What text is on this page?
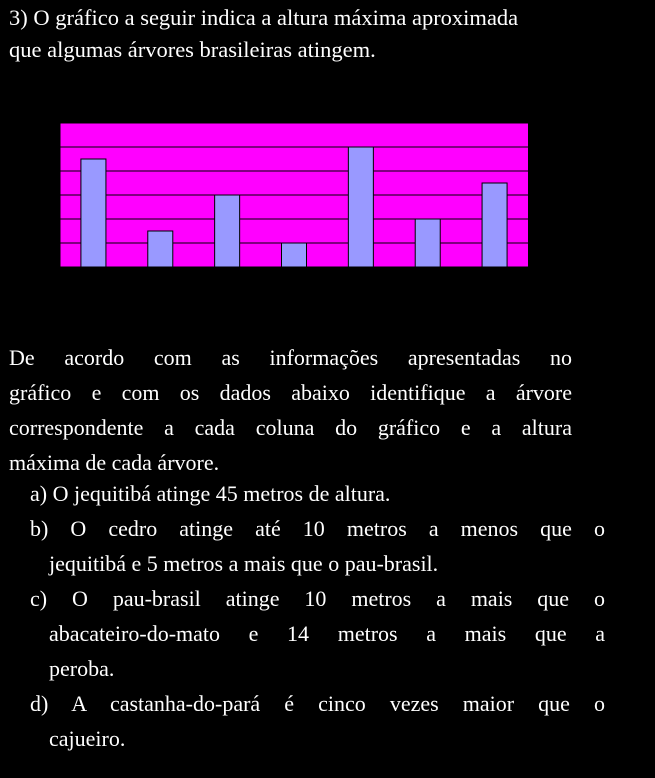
3) O gráfico a seguir indica a altura máxima aproximada
que algumas árvores brasileiras atingem.
Áltura de algumas árvores brasileiras
altura (m)
0
10
20
30
40
50
60
A	B	C	D	E	F	G
árvores
De acordo com as informações apresentadas no
gráfico e com os dados abaixo identifique a árvore
correspondente a cada coluna do gráfico e a altura
máxima de cada árvore.
a) O jequitibá atinge 45 metros de altura.
b) O cedro atinge até 10 metros a menos que o
jequitibá e 5 metros a mais que o pau-brasil.
c) O pau-brasil atinge 10 metros a mais que o
abacateiro-do-mato e 14 metros a mais que a
peroba.
d) A castanha-do-pará é cinco vezes maior que o
cajueiro.
